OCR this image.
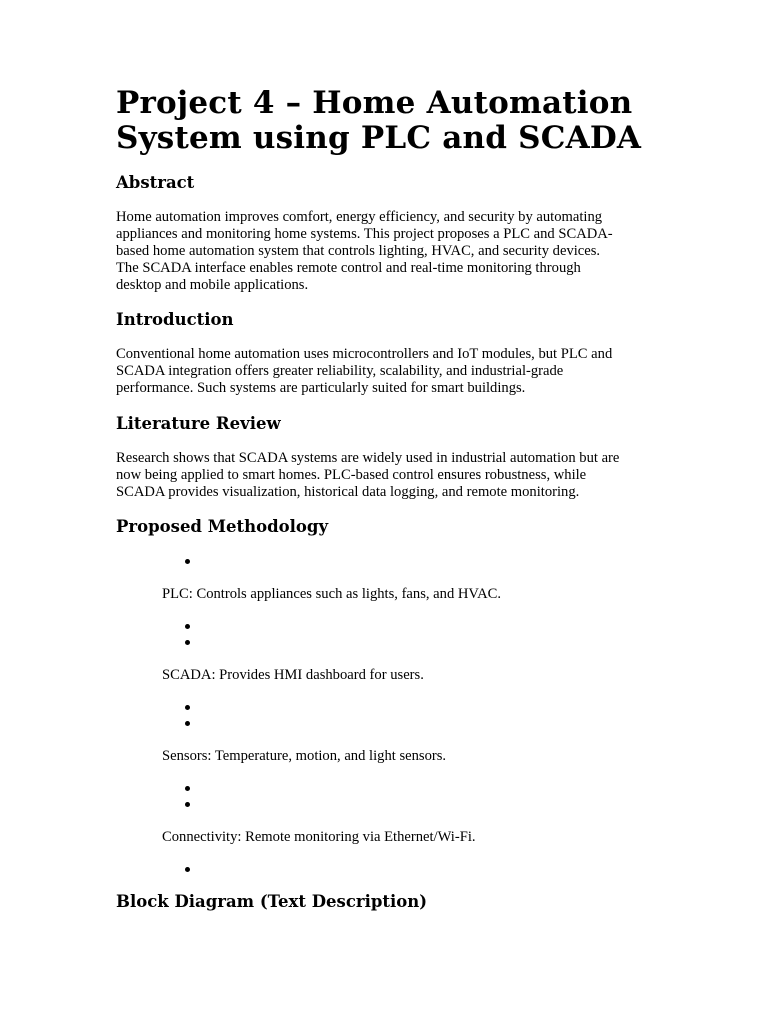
Project 4 – Home Automation System using PLC and SCADA
Abstract

Home automation improves comfort, energy efficiency, and security by automating

appliances and monitoring home systems. This project proposes a PLC and SCADA-

based home automation system that controls lighting, HVAC, and security devices.

The SCADA interface enables remote control and real-time monitoring through

desktop and mobile applications.

Introduction

Conventional home automation uses microcontrollers and IoT modules, but PLC and

SCADA integration offers greater reliability, scalability, and industrial-grade

performance. Such systems are particularly suited for smart buildings.

Literature Review

Research shows that SCADA systems are widely used in industrial automation but are

now being applied to smart homes. PLC-based control ensures robustness, while

SCADA provides visualization, historical data logging, and remote monitoring.

Proposed Methodology

PLC: Controls appliances such as lights, fans, and HVAC.

SCADA: Provides HMI dashboard for users.

Sensors: Temperature, motion, and light sensors.

Connectivity: Remote monitoring via Ethernet/Wi-Fi.

Block Diagram (Text Description)
